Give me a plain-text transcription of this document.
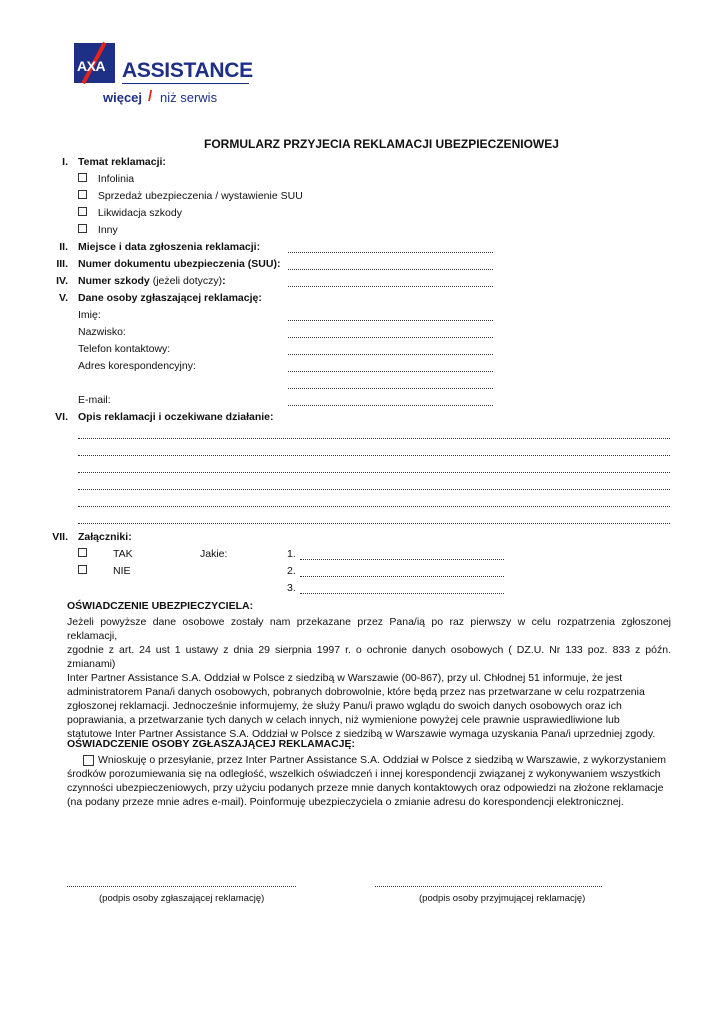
AXA ASSISTANCE
więcej / niż serwis
FORMULARZ PRZYJECIA REKLAMACJI UBEZPIECZENIOWEJ
I. Temat reklamacji:
Infolinia
Sprzedaż ubezpieczenia / wystawienie SUU
Likwidacja szkody
Inny
II. Miejsce i data zgłoszenia reklamacji:
III. Numer dokumentu ubezpieczenia (SUU):
IV. Numer szkody (jeżeli dotyczy):
V. Dane osoby zgłaszającej reklamację:
Imię:
Nazwisko:
Telefon kontaktowy:
Adres korespondencyjny:
E-mail:
VI. Opis reklamacji i oczekiwane działanie:
VII. Załączniki:
TAK	Jakie:	1.
NIE	2.
3.
OŚWIADCZENIE UBEZPIECZYCIELA:
Jeżeli powyższe dane osobowe zostały nam przekazane przez Pana/ią po raz pierwszy w celu rozpatrzenia zgłoszonej reklamacji,
zgodnie z art. 24 ust 1 ustawy z dnia 29 sierpnia 1997 r. o ochronie danych osobowych ( DZ.U. Nr 133 poz. 833 z późn. zmianami)
Inter Partner Assistance S.A. Oddział w Polsce z siedzibą w Warszawie (00-867), przy ul. Chłodnej 51 informuje, że jest
administratorem Pana/i danych osobowych, pobranych dobrowolnie, które będą przez nas przetwarzane w celu rozpatrzenia
zgłoszonej reklamacji. Jednocześnie informujemy, że służy Panu/i prawo wglądu do swoich danych osobowych oraz ich
poprawiania, a przetwarzanie tych danych w celach innych, niż wymienione powyżej cele prawnie usprawiedliwione lub
statutowe Inter Partner Assistance S.A. Oddział w Polsce z siedzibą w Warszawie wymaga uzyskania Pana/i uprzedniej zgody.
OŚWIADCZENIE OSOBY ZGŁASZAJĄCEJ REKLAMACJĘ:
Wnioskuję o przesyłanie, przez Inter Partner Assistance S.A. Oddział w Polsce z siedzibą w Warszawie, z wykorzystaniem
środków porozumiewania się na odległość, wszelkich oświadczeń i innej korespondencji związanej z wykonywaniem wszystkich
czynności ubezpieczeniowych, przy użyciu podanych przeze mnie danych kontaktowych oraz odpowiedzi na złożone reklamacje
(na podany przeze mnie adres e-mail). Poinformuję ubezpieczyciela o zmianie adresu do korespondencji elektronicznej.
(podpis osoby zgłaszającej reklamację)	(podpis osoby przyjmującej reklamację)
